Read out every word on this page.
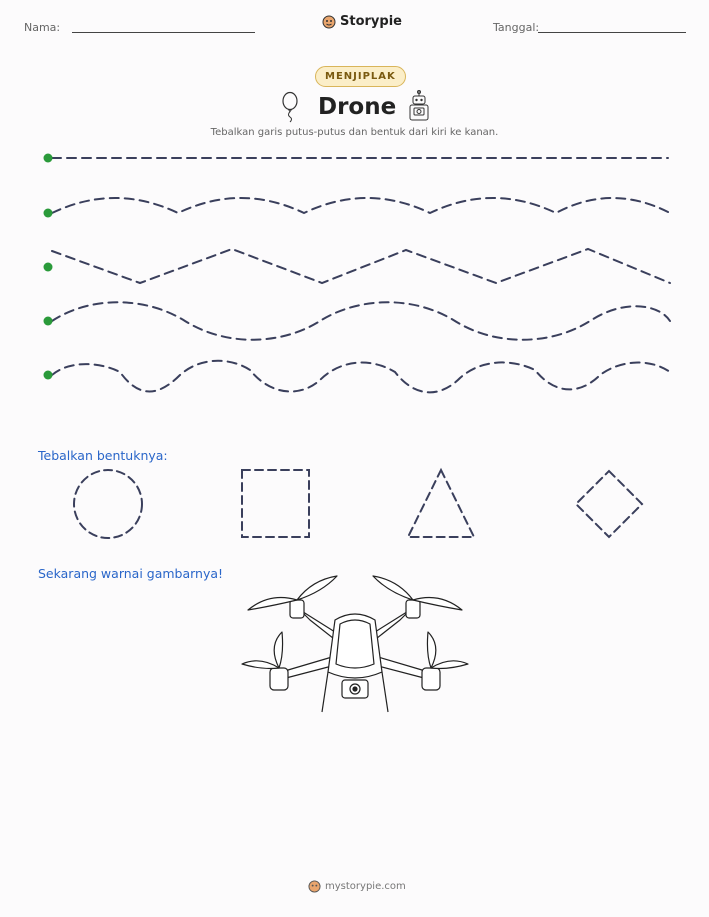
Nama:	Storypie	Tanggal:
MENJIPLAK
Drone
Tebalkan garis putus-putus dan bentuk dari kiri ke kanan.
Tebalkan bentuknya:
Sekarang warnai gambarnya!
mystorypie.com
